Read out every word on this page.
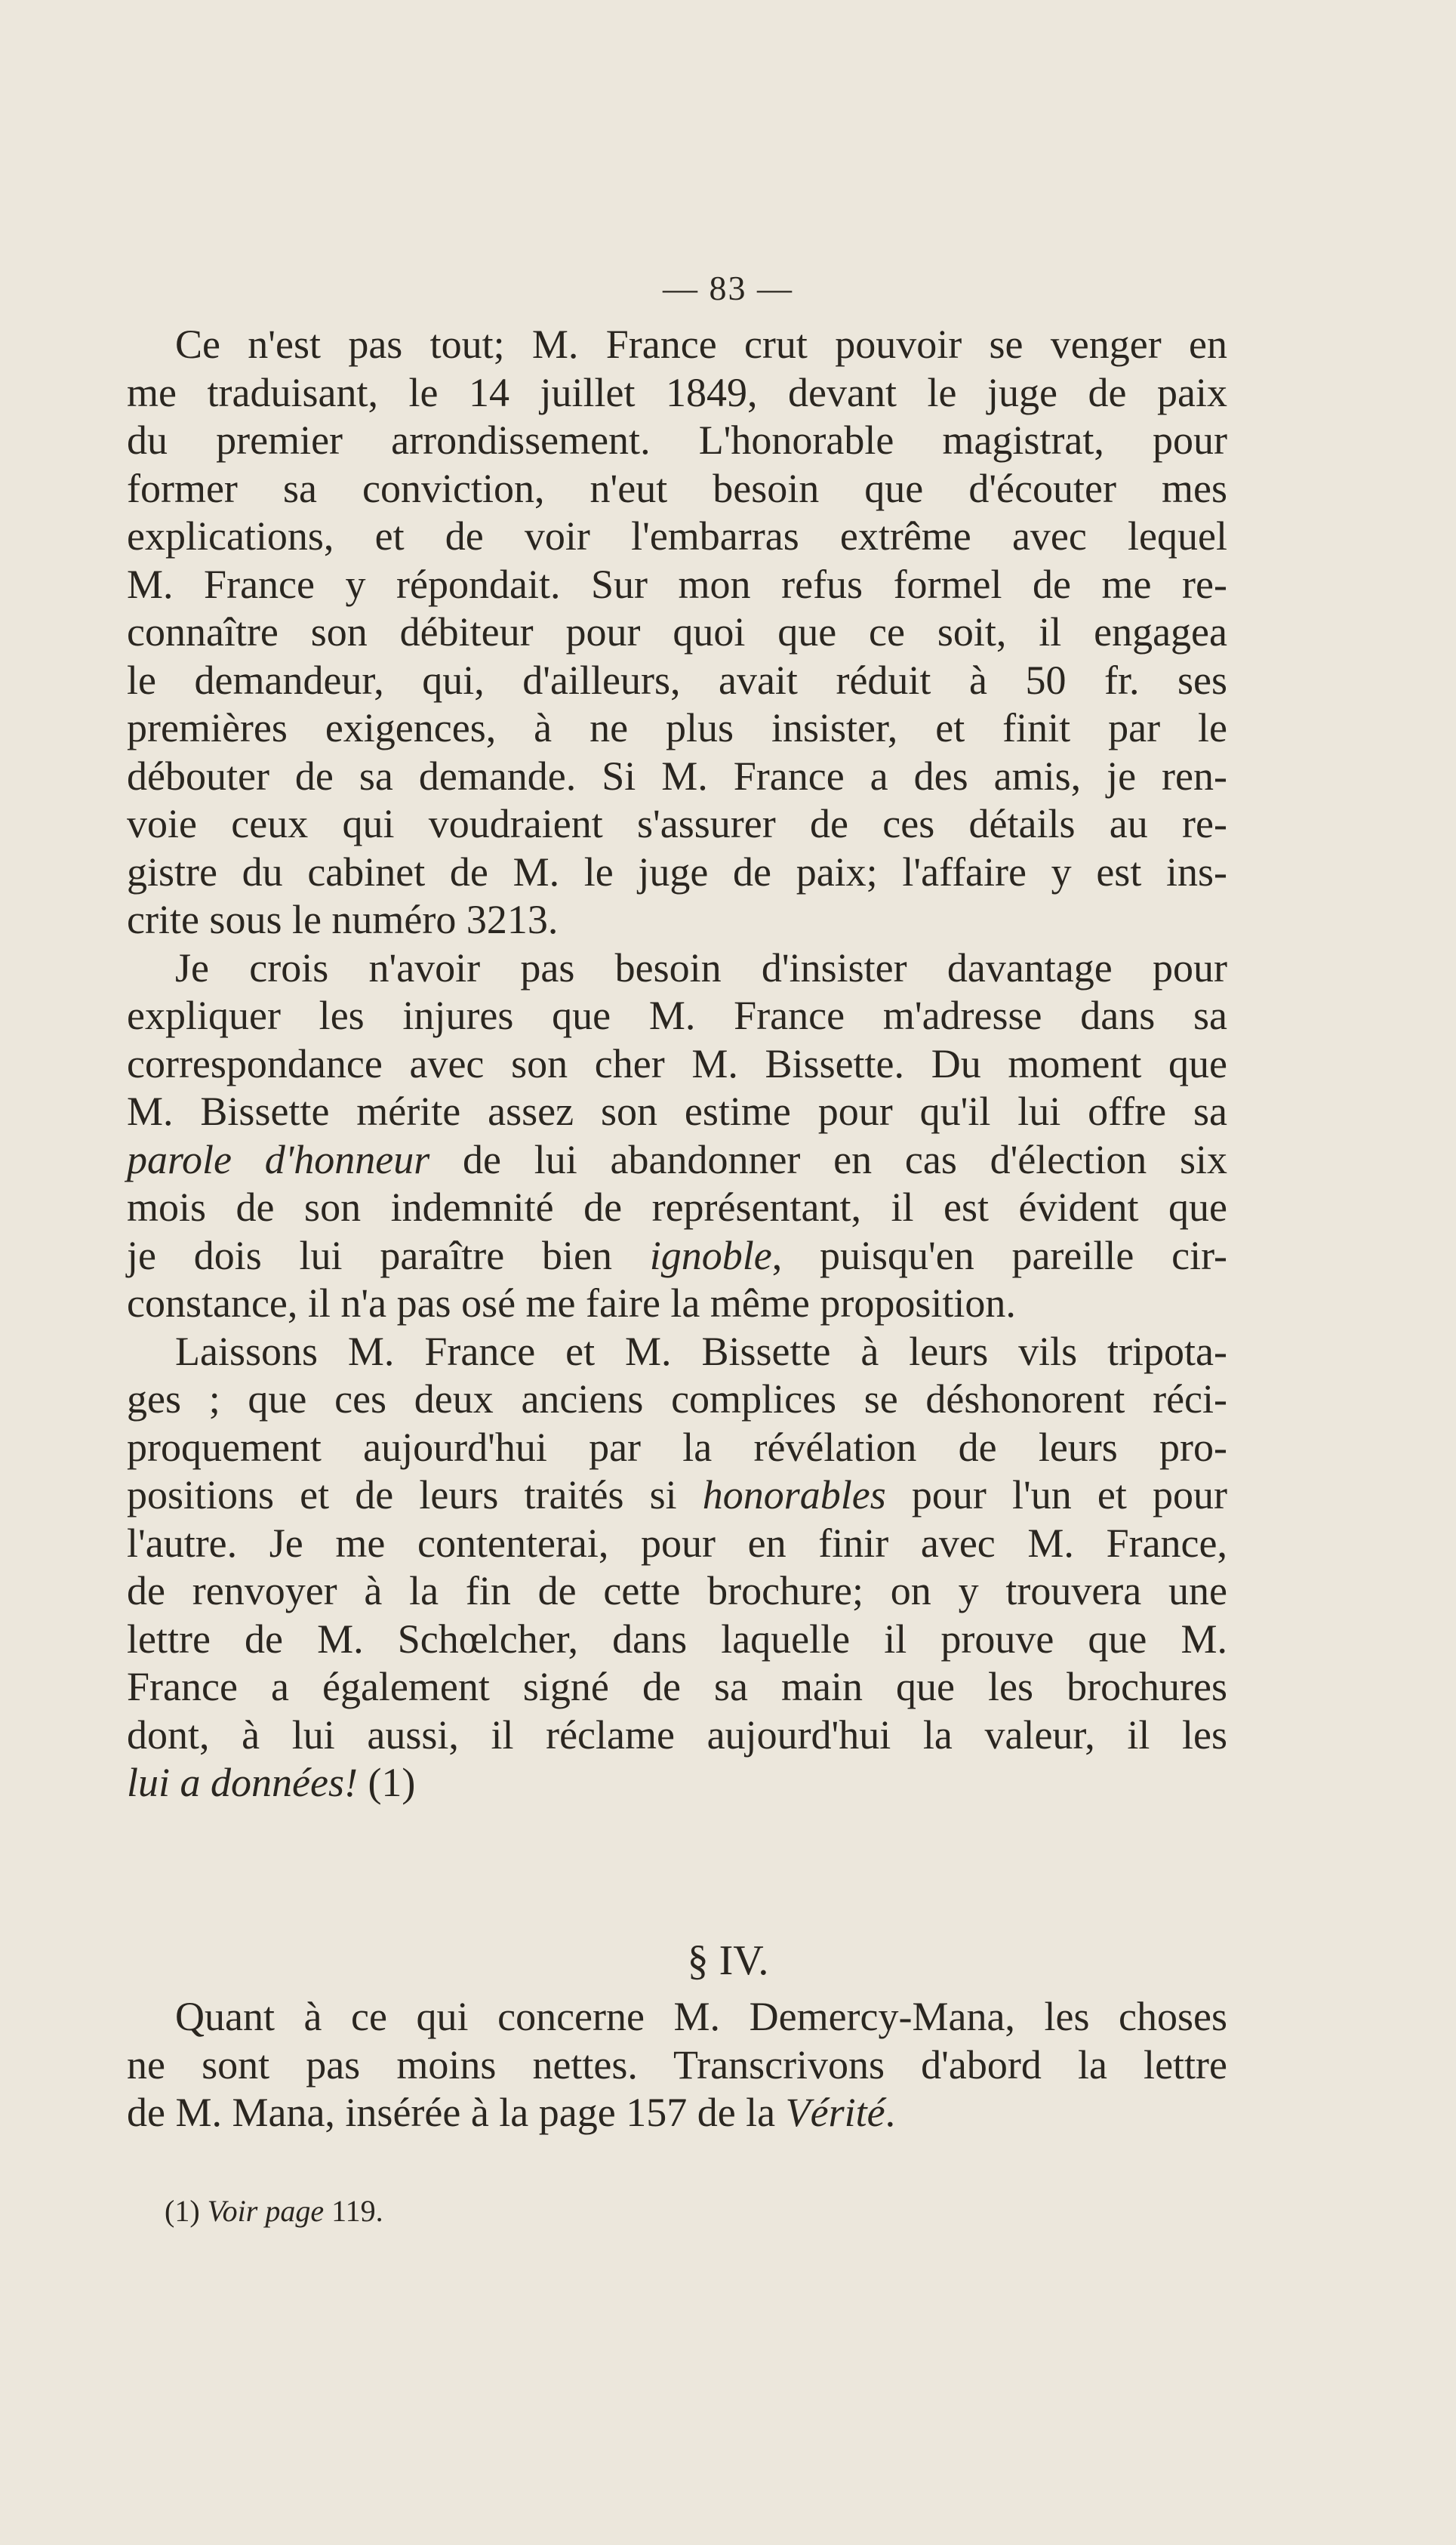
— 83 —
Ce n'est pas tout; M. France crut pouvoir se venger en
me traduisant, le 14 juillet 1849, devant le juge de paix
du premier arrondissement. L'honorable magistrat, pour
former sa conviction, n'eut besoin que d'écouter mes
explications, et de voir l'embarras extrême avec lequel
M. France y répondait. Sur mon refus formel de me re-
connaître son débiteur pour quoi que ce soit, il engagea
le demandeur, qui, d'ailleurs, avait réduit à 50 fr. ses
premières exigences, à ne plus insister, et finit par le
débouter de sa demande. Si M. France a des amis, je ren-
voie ceux qui voudraient s'assurer de ces détails au re-
gistre du cabinet de M. le juge de paix; l'affaire y est ins-
crite sous le numéro 3213.
Je crois n'avoir pas besoin d'insister davantage pour
expliquer les injures que M. France m'adresse dans sa
correspondance avec son cher M. Bissette. Du moment que
M. Bissette mérite assez son estime pour qu'il lui offre sa
parole d'honneur de lui abandonner en cas d'élection six
mois de son indemnité de représentant, il est évident que
je dois lui paraître bien ignoble, puisqu'en pareille cir-
constance, il n'a pas osé me faire la même proposition.
Laissons M. France et M. Bissette à leurs vils tripota-
ges ; que ces deux anciens complices se déshonorent réci-
proquement aujourd'hui par la révélation de leurs pro-
positions et de leurs traités si honorables pour l'un et pour
l'autre. Je me contenterai, pour en finir avec M. France,
de renvoyer à la fin de cette brochure; on y trouvera une
lettre de M. Schœlcher, dans laquelle il prouve que M.
France a également signé de sa main que les brochures
dont, à lui aussi, il réclame aujourd'hui la valeur, il les
lui a données! (1)
§ IV.
Quant à ce qui concerne M. Demercy-Mana, les choses
ne sont pas moins nettes. Transcrivons d'abord la lettre
de M. Mana, insérée à la page 157 de la Vérité.
(1) Voir page 119.
